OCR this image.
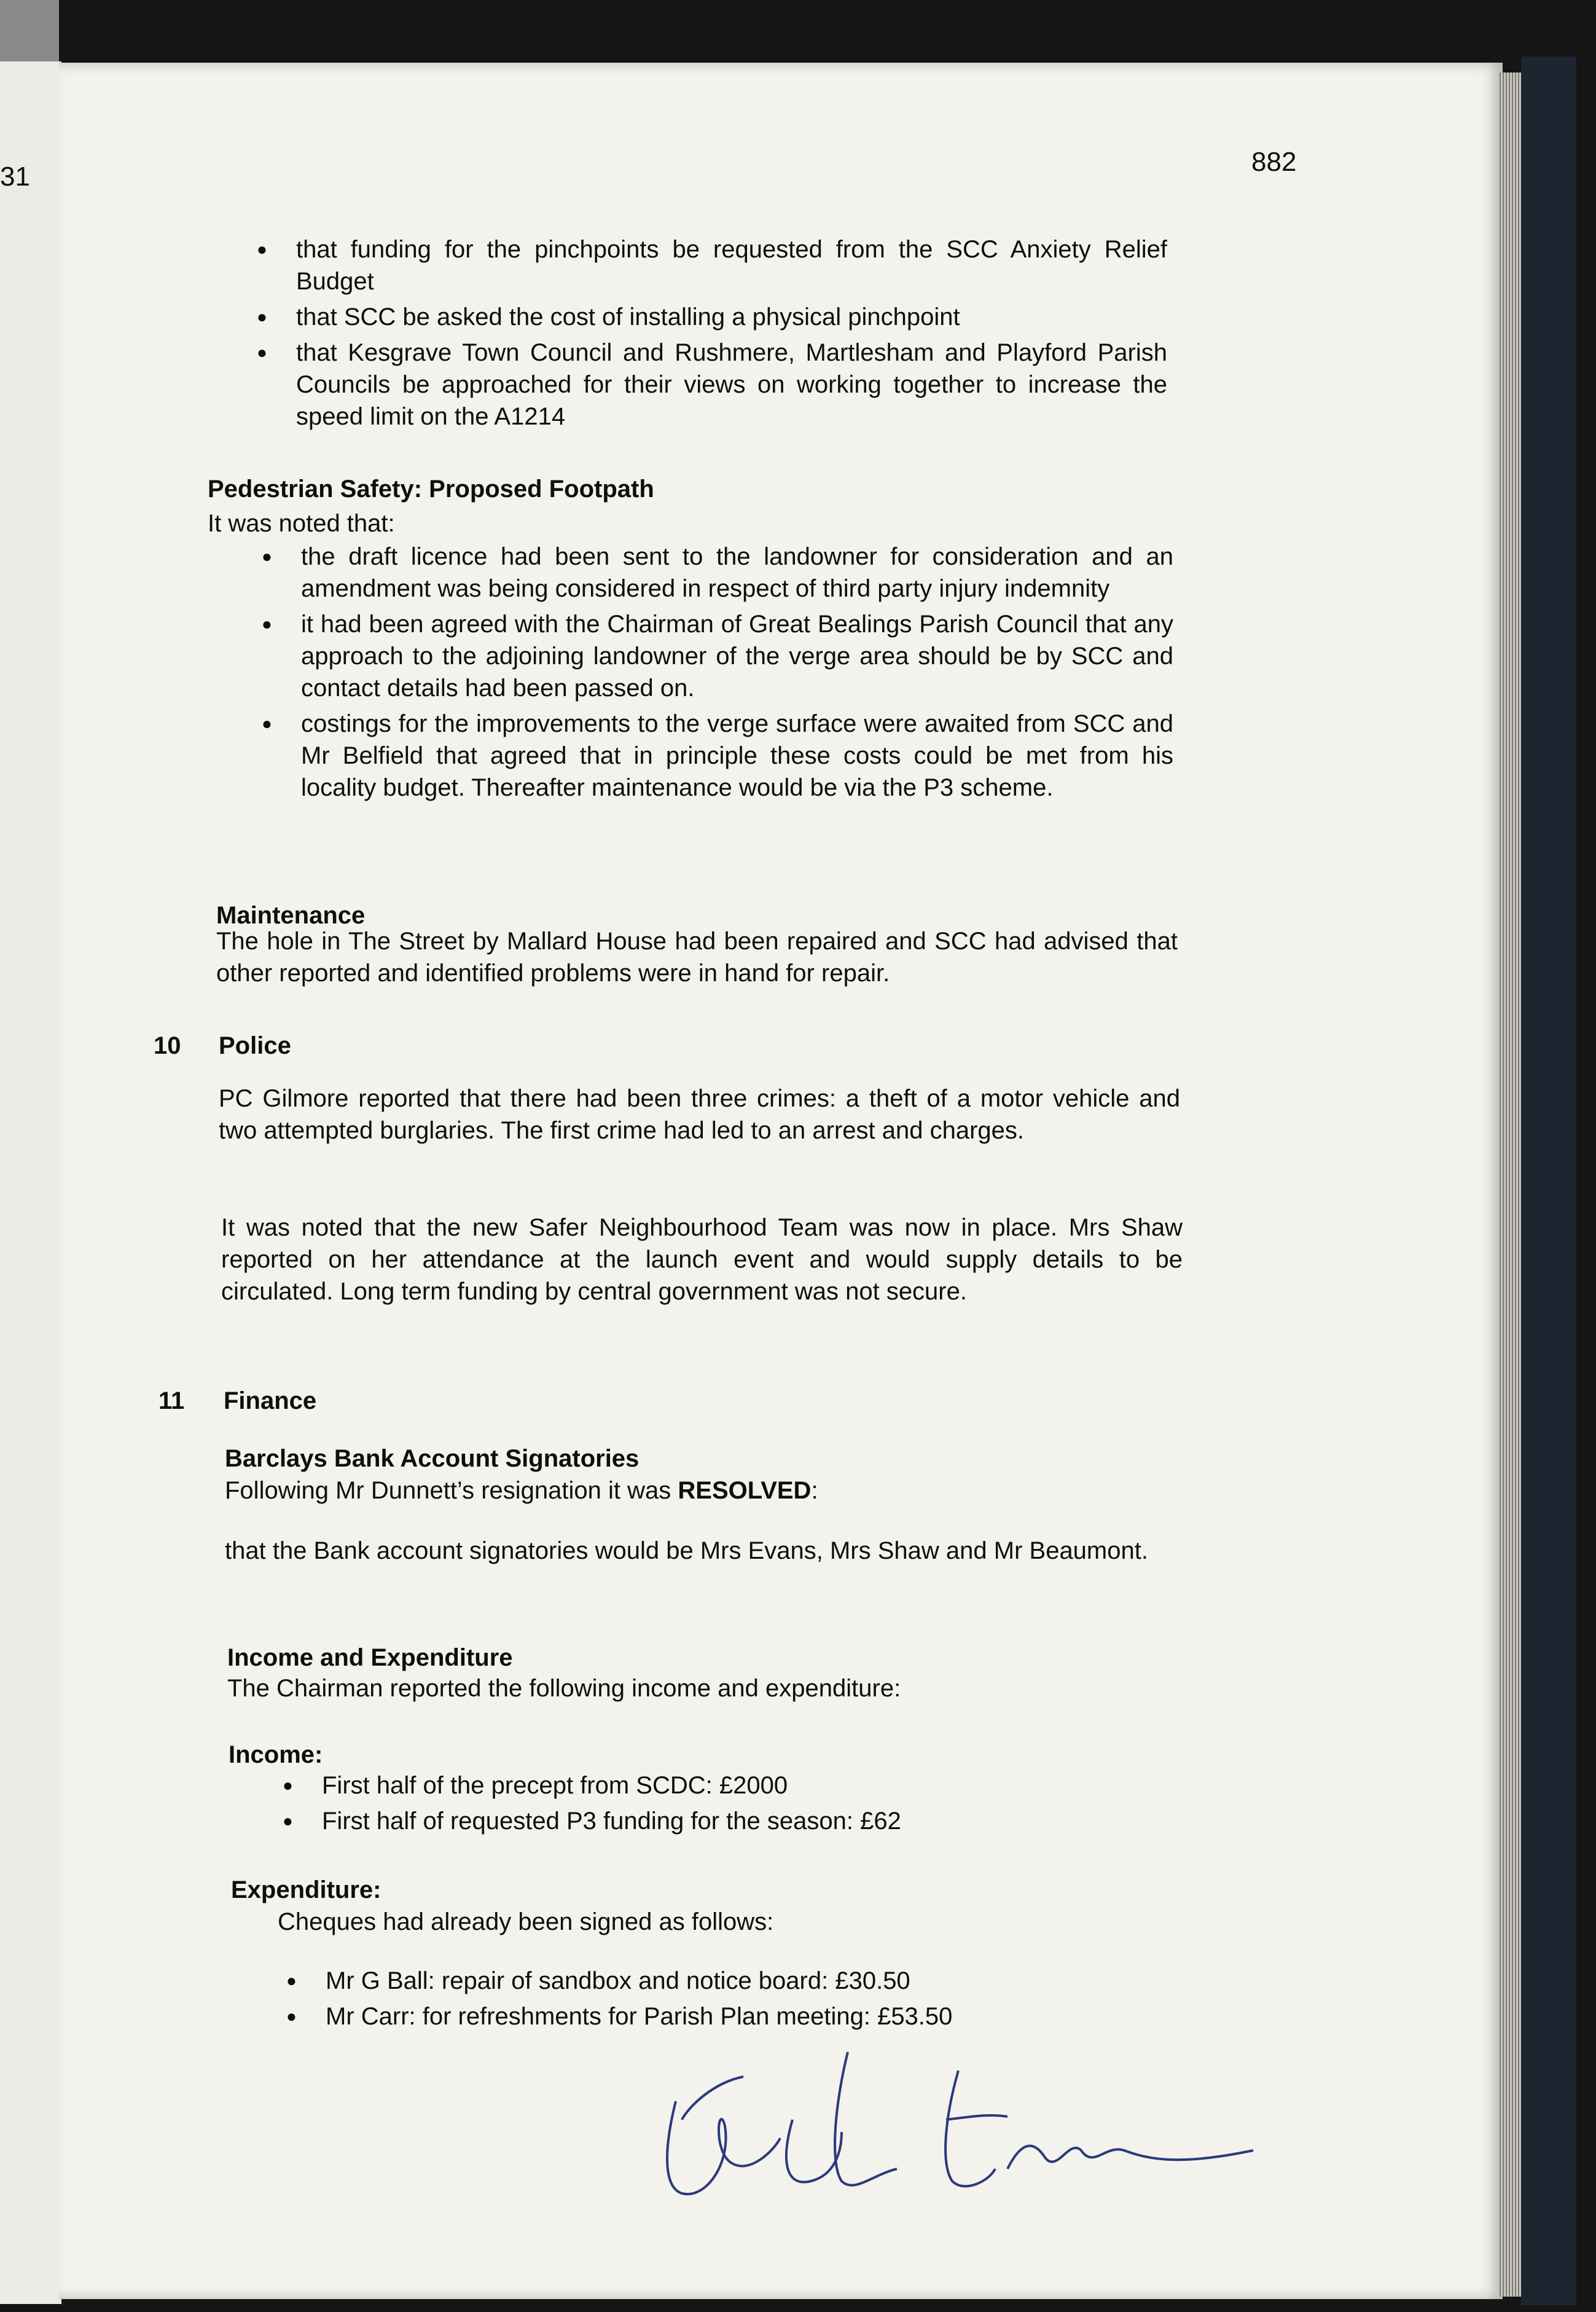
31	882
● that funding for the pinchpoints be requested from the SCC Anxiety Relief Budget
● that SCC be asked the cost of installing a physical pinchpoint
● that Kesgrave Town Council and Rushmere, Martlesham and Playford Parish Councils be approached for their views on working together to increase the speed limit on the A1214
Pedestrian Safety: Proposed Footpath
It was noted that:
● the draft licence had been sent to the landowner for consideration and an amendment was being considered in respect of third party injury indemnity
● it had been agreed with the Chairman of Great Bealings Parish Council that any approach to the adjoining landowner of the verge area should be by SCC and contact details had been passed on.
● costings for the improvements to the verge surface were awaited from SCC and Mr Belfield that agreed that in principle these costs could be met from his locality budget. Thereafter maintenance would be via the P3 scheme.
Maintenance

The hole in The Street by Mallard House had been repaired and SCC had advised that other reported and identified problems were in hand for repair.

10 Police

PC Gilmore reported that there had been three crimes: a theft of a motor vehicle and two attempted burglaries. The first crime had led to an arrest and charges.

It was noted that the new Safer Neighbourhood Team was now in place. Mrs Shaw reported on her attendance at the launch event and would supply details to be circulated. Long term funding by central government was not secure.

11 Finance
Barclays Bank Account Signatories
Following Mr Dunnett’s resignation it was RESOLVED:

that the Bank account signatories would be Mrs Evans, Mrs Shaw and Mr Beaumont.

Income and Expenditure
The Chairman reported the following income and expenditure:
Income:
● First half of the precept from SCDC: £2000
● First half of requested P3 funding for the season: £62
Expenditure:
Cheques had already been signed as follows:
● Mr G Ball: repair of sandbox and notice board: £30.50
● Mr Carr: for refreshments for Parish Plan meeting: £53.50
